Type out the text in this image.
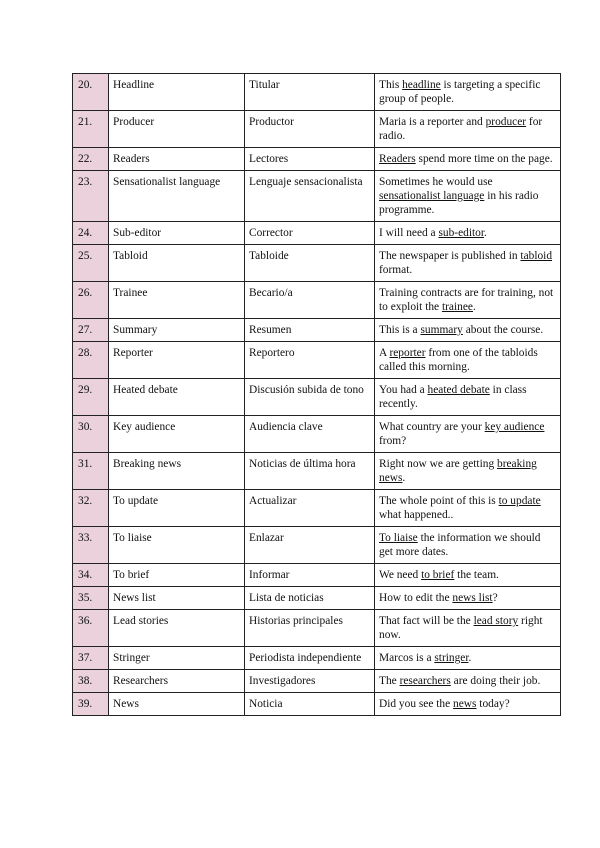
20.	Headline	Titular	This headline is targeting a specific group of people.
21.	Producer	Productor	Maria is a reporter and producer for radio.
22.	Readers	Lectores	Readers spend more time on the page.
23.	Sensationalist language	Lenguaje sensacionalista	Sometimes he would use sensationalist language in his radio programme.
24.	Sub-editor	Corrector	I will need a sub-editor.
25.	Tabloid	Tabloide	The newspaper is published in tabloid format.
26.	Trainee	Becario/a	Training contracts are for training, not to exploit the trainee.
27.	Summary	Resumen	This is a summary about the course.
28.	Reporter	Reportero	A reporter from one of the tabloids called this morning.
29.	Heated debate	Discusión subida de tono	You had a heated debate in class recently.
30.	Key audience	Audiencia clave	What country are your key audience from?
31.	Breaking news	Noticias de última hora	Right now we are getting breaking news.
32.	To update	Actualizar	The whole point of this is to update what happened..
33.	To liaise	Enlazar	To liaise the information we should get more dates.
34.	To brief	Informar	We need to brief the team.
35.	News list	Lista de noticias	How to edit the news list?
36.	Lead stories	Historias principales	That fact will be the lead story right now.
37.	Stringer	Periodista independiente	Marcos is a stringer.
38.	Researchers	Investigadores	The researchers are doing their job.
39.	News	Noticia	Did you see the news today?
